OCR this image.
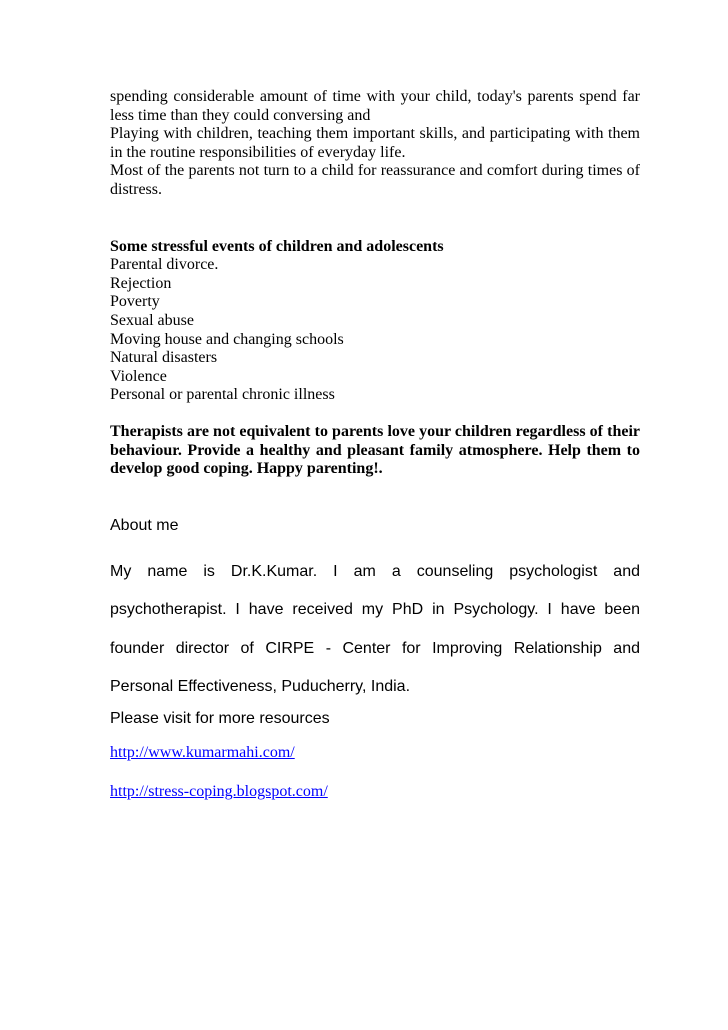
spending considerable amount of time with your child, today's parents spend far less time than they could conversing and

Playing with children, teaching them important skills, and participating with them in the routine responsibilities of everyday life.

Most of the parents not turn to a child for reassurance and comfort during times of distress.

Some stressful events of children and adolescents

Parental divorce.
Rejection
Poverty
Sexual abuse
Moving house and changing schools
Natural disasters
Violence
Personal or parental chronic illness

Therapists are not equivalent to parents love your children regardless of their behaviour. Provide a healthy and pleasant family atmosphere. Help them to develop good coping. Happy parenting!.

About me
My name is Dr.K.Kumar. I am a counseling psychologist and psychotherapist. I have received my PhD in Psychology. I have been founder director of CIRPE - Center for Improving Relationship and Personal Effectiveness, Puducherry, India.
Please visit for more resources
http://www.kumarmahi.com/
http://stress-coping.blogspot.com/
